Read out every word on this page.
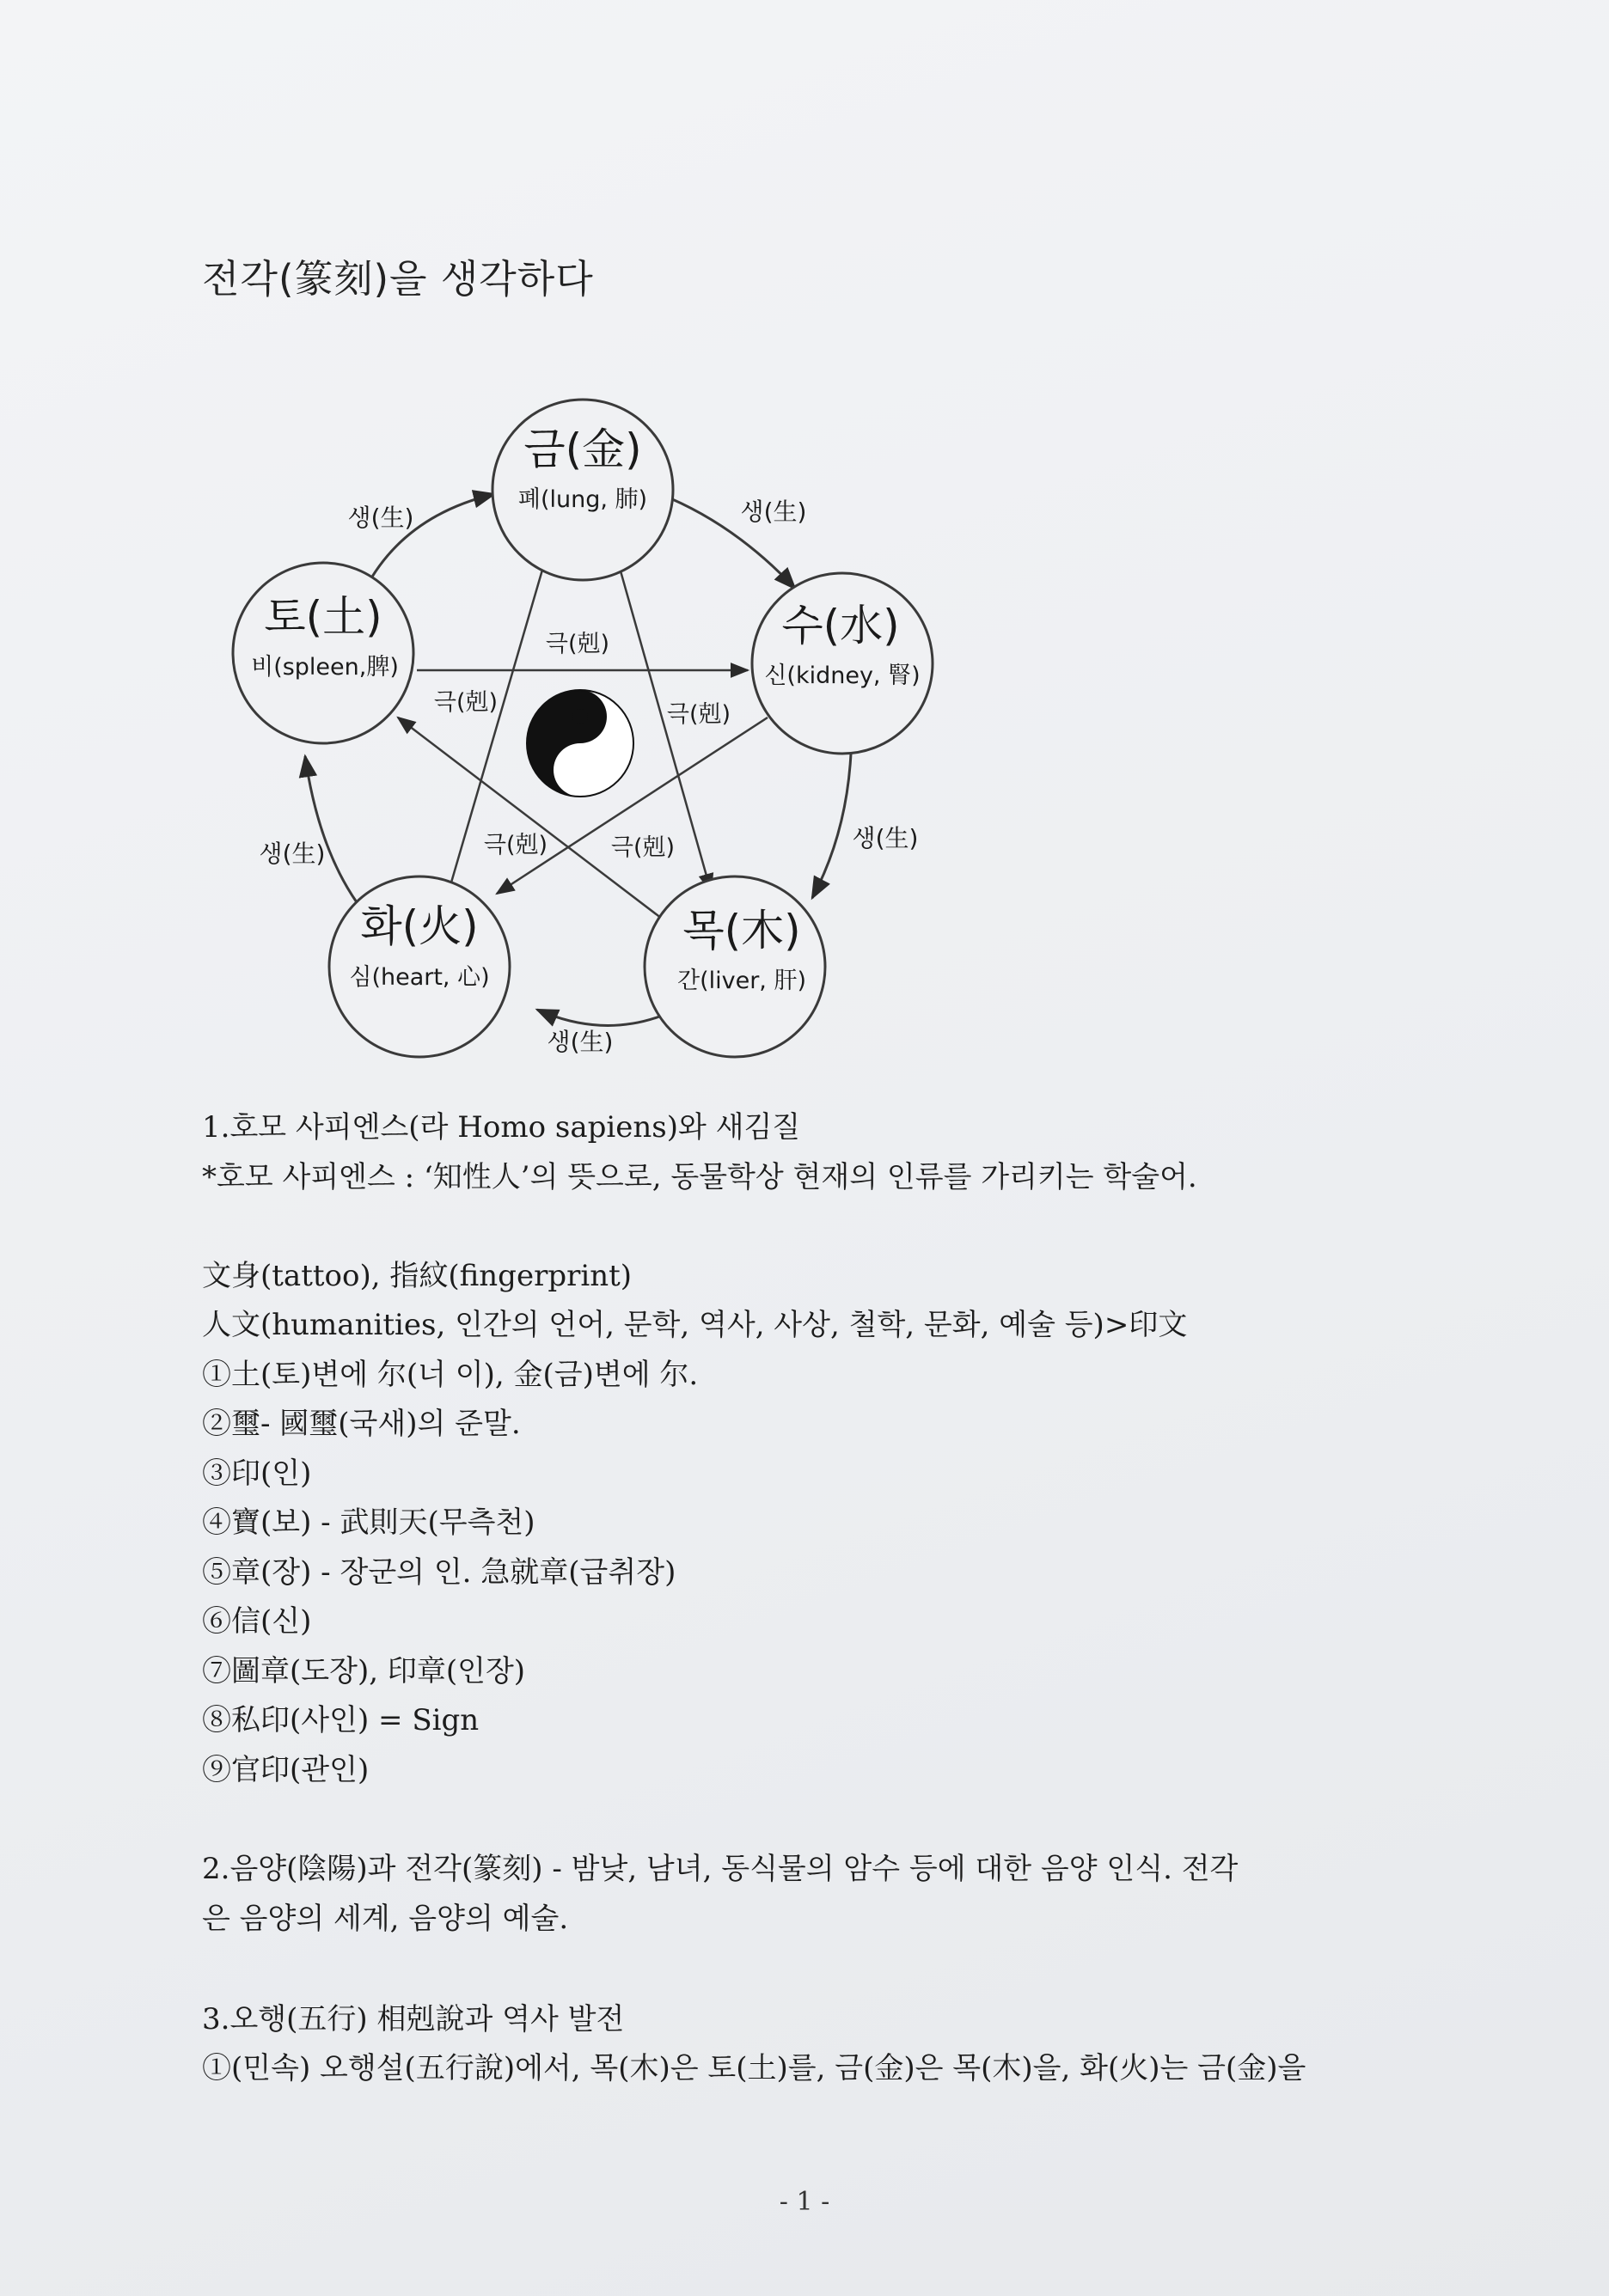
전각(篆刻)을 생각하다
금(金)
폐(lung, 肺)
수(水)
신(kidney, 腎)
목(木)
간(liver, 肝)
화(火)
심(heart, 心)
토(土)
비(spleen,脾)
생(生)	생(生)
생(生)
생(生)
생(生)
극(剋)
극(剋)	극(剋)
극(剋)	극(剋)
1.호모 사피엔스(라 Homo sapiens)와 새김질
*호모 사피엔스 : ‘知性人’의 뜻으로, 동물학상 현재의 인류를 가리키는 학술어.
文身(tattoo), 指紋(fingerprint)
人文(humanities, 인간의 언어, 문학, 역사, 사상, 철학, 문화, 예술 등)>印文
①土(토)변에 尔(너 이), 金(금)변에 尔.
②璽- 國璽(국새)의 준말.
③印(인)
④寶(보) - 武則天(무측천)
⑤章(장) - 장군의 인. 急就章(급취장)
⑥信(신)
⑦圖章(도장), 印章(인장)
⑧私印(사인) = Sign
⑨官印(관인)
2.음양(陰陽)과 전각(篆刻) - 밤낮, 남녀, 동식물의 암수 등에 대한 음양 인식. 전각
은 음양의 세계, 음양의 예술.
3.오행(五行) 相剋說과 역사 발전
①(민속) 오행설(五行說)에서, 목(木)은 토(土)를, 금(金)은 목(木)을, 화(火)는 금(金)을
- 1 -
